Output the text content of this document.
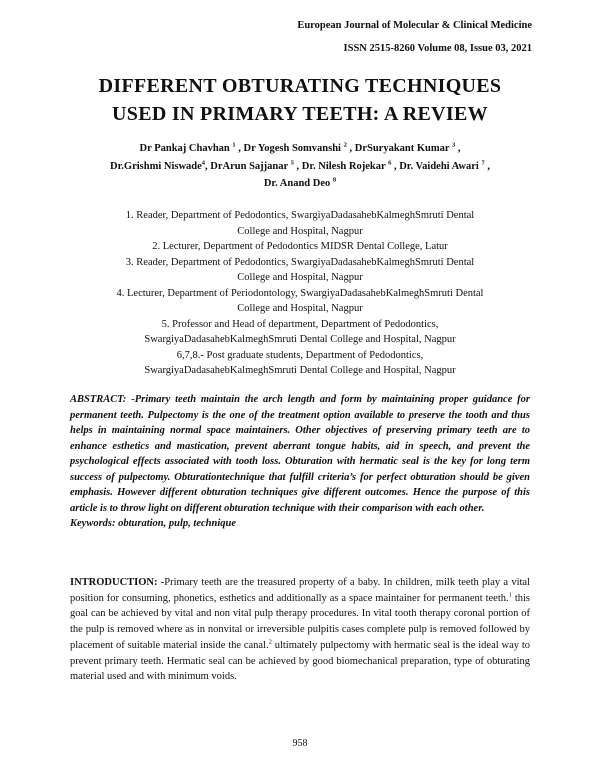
European Journal of Molecular & Clinical Medicine
ISSN 2515-8260 Volume 08, Issue 03, 2021
DIFFERENT OBTURATING TECHNIQUES
USED IN PRIMARY TEETH: A REVIEW
Dr Pankaj Chavhan $^1$ , Dr Yogesh Somvanshi $^2$ , DrSuryakant Kumar $^3$ ,
Dr.Grishmi Niswade$^4$, DrArun Sajjanar $^5$ , Dr. Nilesh Rojekar $^6$ , Dr. Vaidehi Awari $^7$ ,
Dr. Anand Deo $^8$

1. Reader, Department of Pedodontics, SwargiyaDadasahebKalmeghSmruti Dental

College and Hospital, Nagpur

2. Lecturer, Department of Pedodontics MIDSR Dental College, Latur

3. Reader, Department of Pedodontics, SwargiyaDadasahebKalmeghSmruti Dental

College and Hospital, Nagpur

4. Lecturer, Department of Periodontology, SwargiyaDadasahebKalmeghSmruti Dental

College and Hospital, Nagpur

5. Professor and Head of department, Department of Pedodontics,

SwargiyaDadasahebKalmeghSmruti Dental College and Hospital, Nagpur

6,7,8.- Post graduate students, Department of Pedodontics,

SwargiyaDadasahebKalmeghSmruti Dental College and Hospital, Nagpur

ABSTRACT: -Primary teeth maintain the arch length and form by maintaining proper guidance for permanent teeth. Pulpectomy is the one of the treatment option available to preserve the tooth and thus helps in maintaining normal space maintainers. Other objectives of preserving primary teeth are to enhance esthetics and mastication, prevent aberrant tongue habits, aid in speech, and prevent the psychological effects associated with tooth loss. Obturation with hermatic seal is the key for long term success of pulpectomy. Obturationtechnique that fulfill criteria’s for perfect obturation should be given emphasis. However different obturation techniques give different outcomes. Hence the purpose of this article is to throw light on different obturation technique with their comparison with each other.

Keywords: obturation, pulp, technique

INTRODUCTION: -Primary teeth are the treasured property of a baby. In children, milk teeth play a vital position for consuming, phonetics, esthetics and additionally as a space maintainer for permanent teeth.$^1$ this goal can be achieved by vital and non vital pulp therapy procedures. In vital tooth therapy coronal portion of the pulp is removed where as in nonvital or irreversible pulpitis cases complete pulp is removed followed by placement of suitable material inside the canal.$^2$ ultimately pulpectomy with hermatic seal is the ideal way to prevent primary teeth. Hermatic seal can be achieved by good biomechanical preparation, type of obturating material used and with minimum voids.

958
